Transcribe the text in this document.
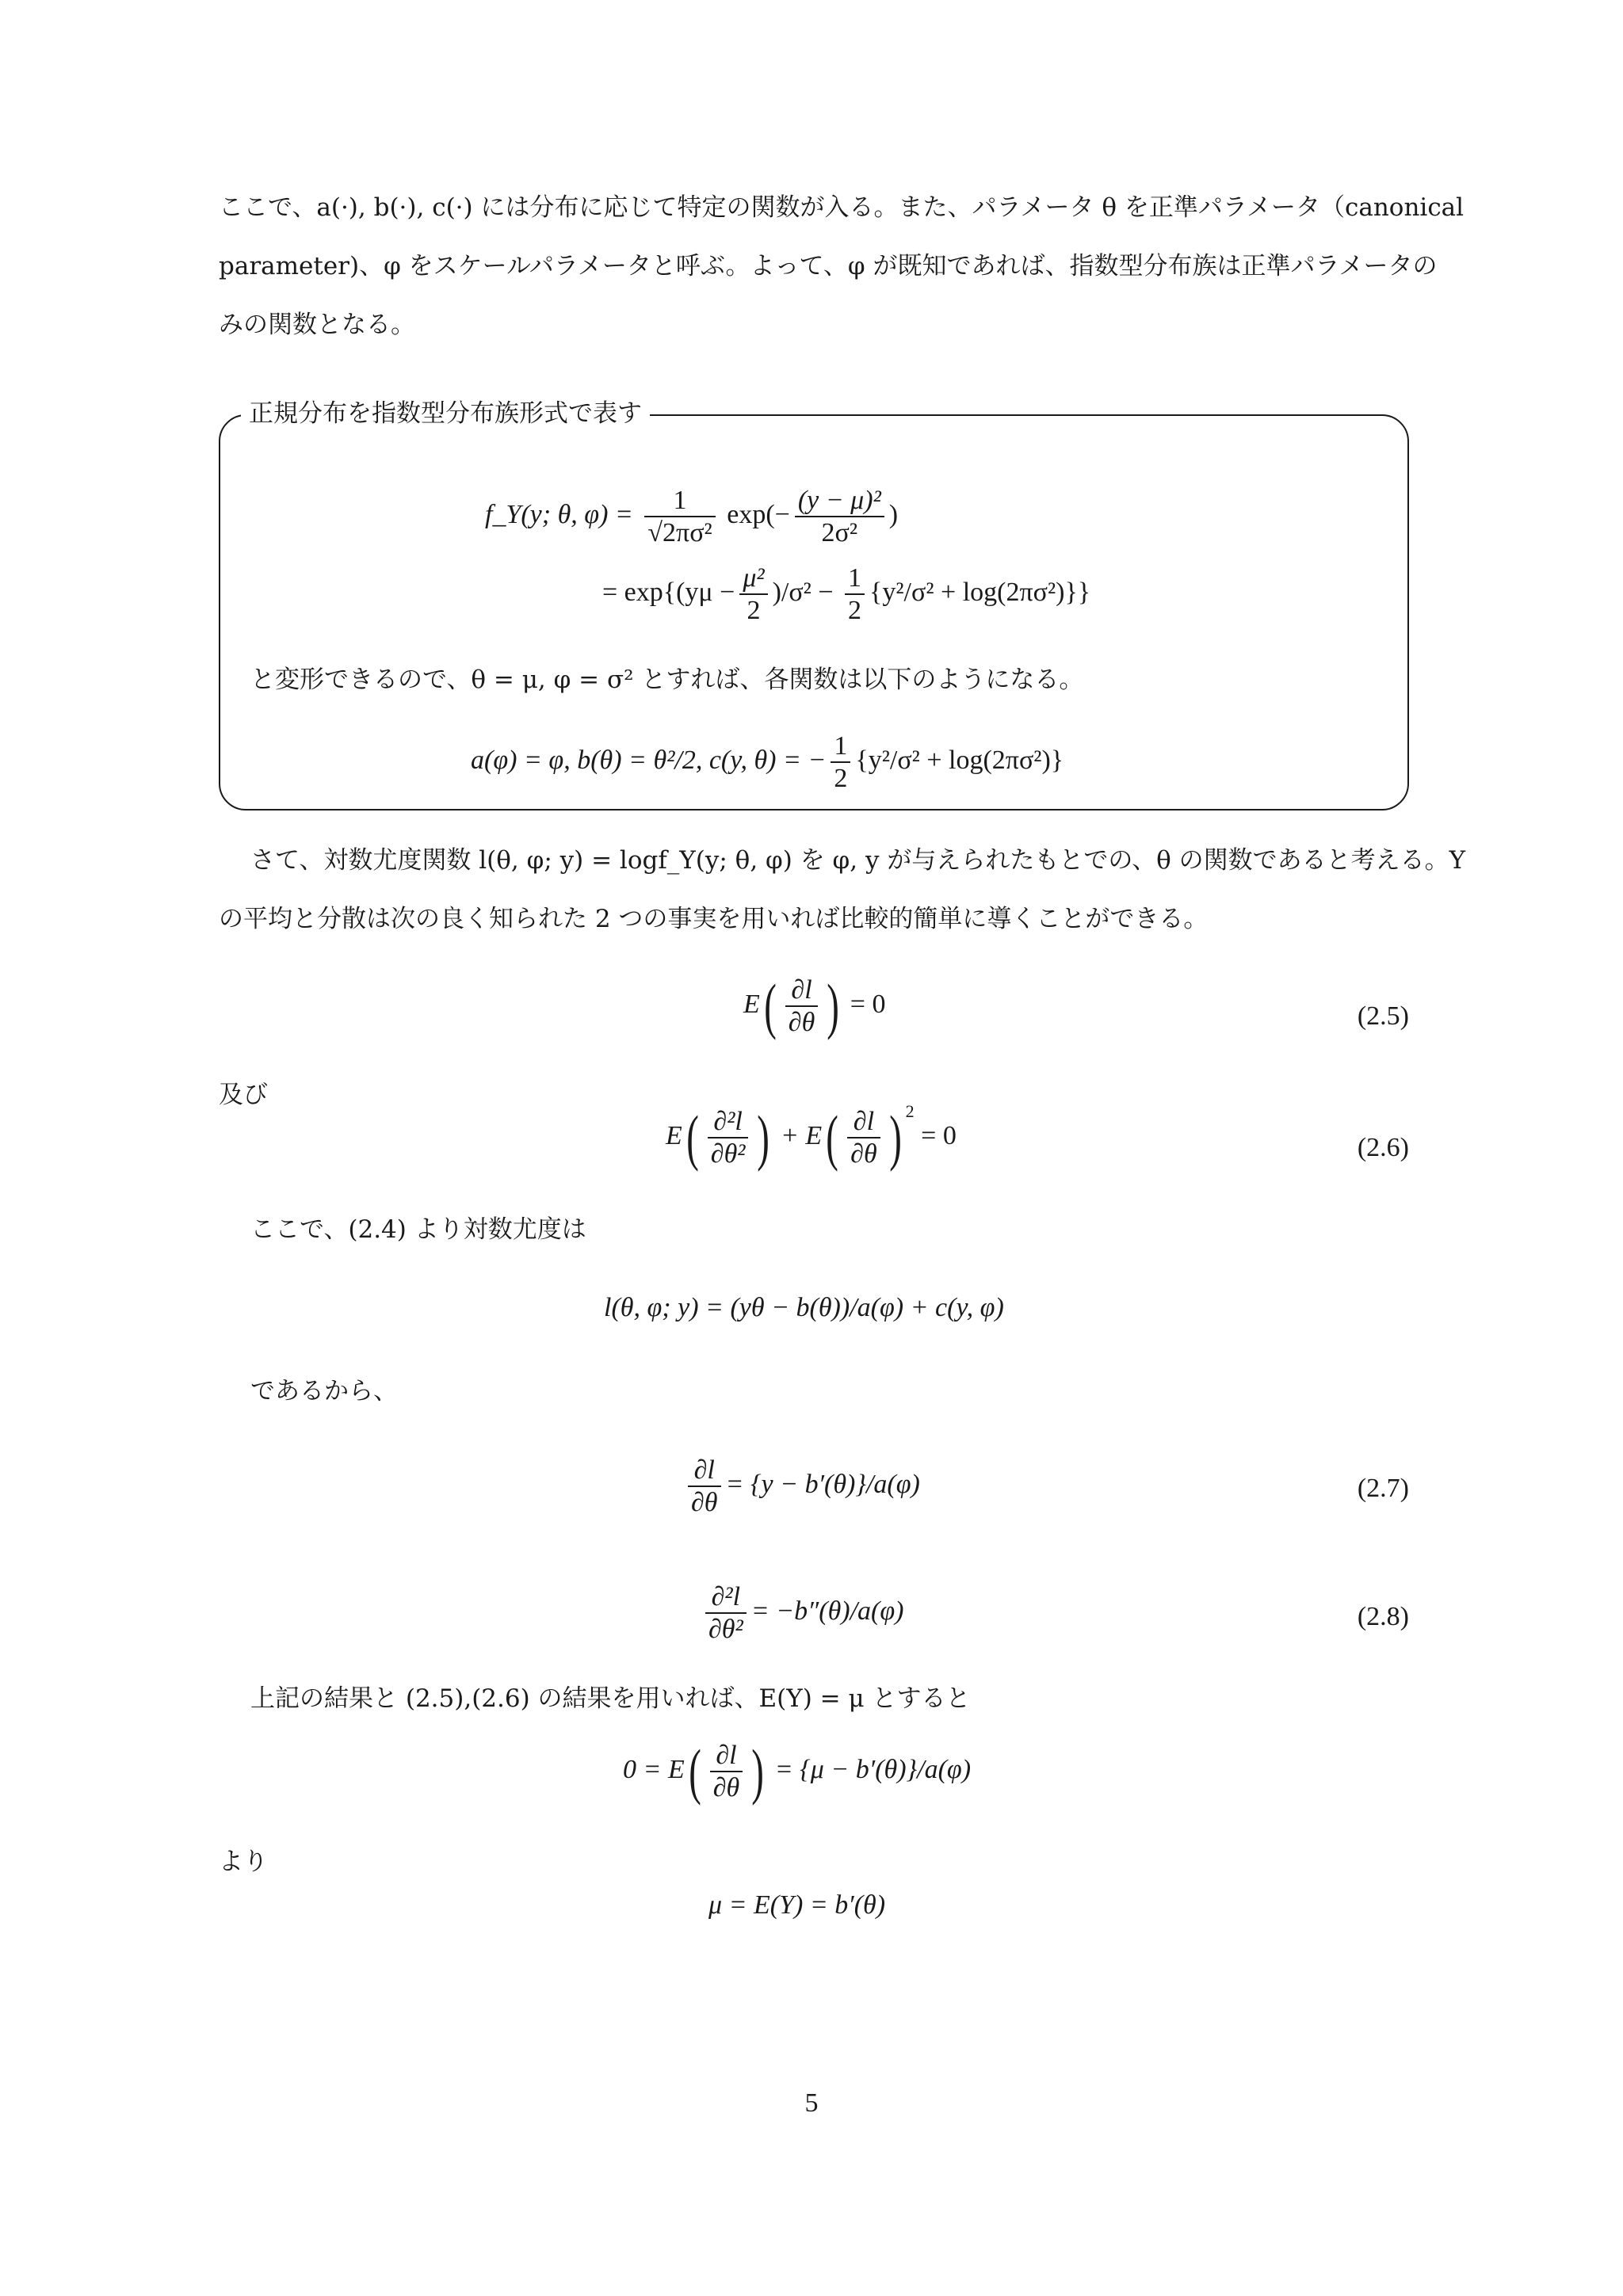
ここで、a(·), b(·), c(·) には分布に応じて特定の関数が入る。また、パラメータ θ を正準パラメータ（canonical
parameter)、φ をスケールパラメータと呼ぶ。よって、φ が既知であれば、指数型分布族は正準パラメータの
みの関数となる。
正規分布を指数型分布族形式で表す
f_Y(y; θ, $\varphi) = \frac{1}{\text{√2πσ²}} \exp(- \frac{\text{(y − μ)²}}{\text{2σ²}}$ )
= $\exp\{(y\mu - \frac{\text{μ²}}{2} )/\sigma^2 - \frac{1}{2} \{y^2/\sigma^2 + \log(2\pi\sigma^2)\}\}$
と変形できるので、θ = μ, φ = σ² とすれば、各関数は以下のようになる。
a(φ) = φ, b(θ) = θ²/2, c(y, θ) = − $\frac{1}{2} \{y^2/\sigma^2 + \log(2\pi\sigma^2)\}$
さて、対数尤度関数 l(θ, φ; y) = logf_Y(y; θ, φ) を φ, y が与えられたもとでの、θ の関数であると考える。Y
の平均と分散は次の良く知られた 2 つの事実を用いれば比較的簡単に導くことができる。
$E( \frac{\partial l}{\partial\theta}$ ) = 0	(2.5)
及び
$E( \frac{\text{∂²l}}{\text{∂θ²}}$ ) + $E( \frac{\partial l}{\partial\theta}$ ) $^2$ = 0	(2.6)
ここで、(2.4) より対数尤度は
l(θ, φ; y) = (yθ − b(θ))/a(φ) + c(y, φ)
であるから、
$\frac{\partial l}{\partial\theta} = \{y - b'(\theta)\}/a(\varphi)$	(2.7)
$\frac{\text{∂²l}}{\text{∂θ²}} = -b''(\theta)/a(\varphi)$	(2.8)
上記の結果と (2.5),(2.6) の結果を用いれば、E(Y) = μ とすると
$0 = E( \frac{\partial l}{\partial\theta}$ ) = {μ − b′(θ)}/a(φ)
より
μ = E(Y) = b′(θ)
5
